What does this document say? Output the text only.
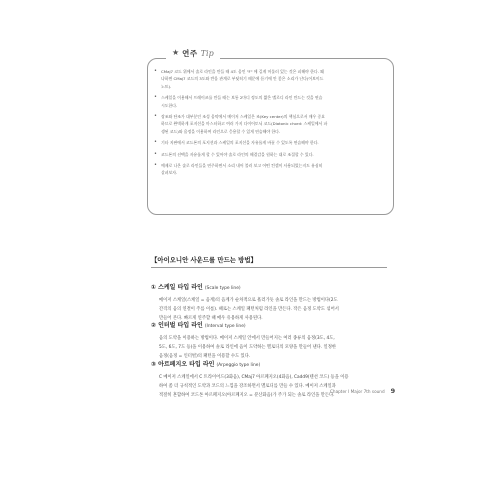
★ 연주 Tip
•	CMaj7 코드 위에서 솔로 라인을 만들 때 4도 음인 "F" 에 길게 머물러 있는 것은 피해야 한다. 왜
냐하면 CMaj7 코드의 3도와 반음 관계로 부딪히기 때문에 듣기에 안 좋은 소리가 난다(어보이드
노트).
•	스케일을 이용해서 프레이즈를 만들 때는 보통 2마디 정도의 짧은 멜로디 라인 만드는 것을 연습
시도한다.
•	장조와 단조가 대부분인 조성 음악에서 메이저 스케일은 조(Key center)의 핵심으로서 매우 중요
하므로 완벽하게 포지션을 마스터하고 여러 가지 다이어토닉 코드(Diatonic chord: 스케일에서 파
생된 코드)와 음정을 이용하여 라인으로 응용할 수 있게 연습해야 한다.
•	기타 지판에서 코드톤의 포지션과 스케일의 포지션을 자유롭게 바꿀 수 있도록 연습해야 한다.
•	코드톤의 선택을 자유롭게 할 수 있어야 솔로 라인의 해결감을 원하는 대로 조절할 수 있다.
•	예제로 나온 솔로 라인들을 연주하면서 소리 내어 불러 보고 어떤 컨셉이 사용되었는지도 유심히
살펴보자.
【아이오니안 사운드를 만드는 방법】
① 스케일 타입 라인 (Scale type line)
메이저 스케일(스케일 = 음계)의 음계가 순차적으로 흘러가듯 솔로 라인을 만드는 방법이다(2도
간격의 음의 연결이 주를 이룸). 때로는 스케일 패턴처럼 라인을 만든다. 작은 음정 도약도 섞어서
만들어 본다. 빠르게 연주할 때 매우 유용하게 사용된다.
② 인터벌 타입 라인 (Interval type line)
음의 도약을 이용하는 방법이다. 메이저 스케일 안에서 만들어지는 여러 종류의 음정(3도, 4도,
5도, 6도, 7도 등)을 이용하여 솔로 라인에 음이 도약하는 멜로디의 모양을 만들어 낸다. 일정한
음정(음정 = 인터벌)의 패턴을 이용할 수도 있다.
③ 아르페지오 타입 라인 (Arpeggio type line)
C 메이저 스케일에서 C 트라이어드(3화음), CMaj7 아르페지오(4화음), Cadd9(텐션 코드) 등을 이용
하여 좀 더 규칙적인 도약과 코드의 느낌을 강조하면서 멜로디를 만들 수 있다. 메이저 스케일과
적절히 혼합하여 코드톤 아르페지오(아르페지오 = 분산화음)가 주가 되는 솔로 라인을 만든다.
Chapter I Major 7th sound 9
